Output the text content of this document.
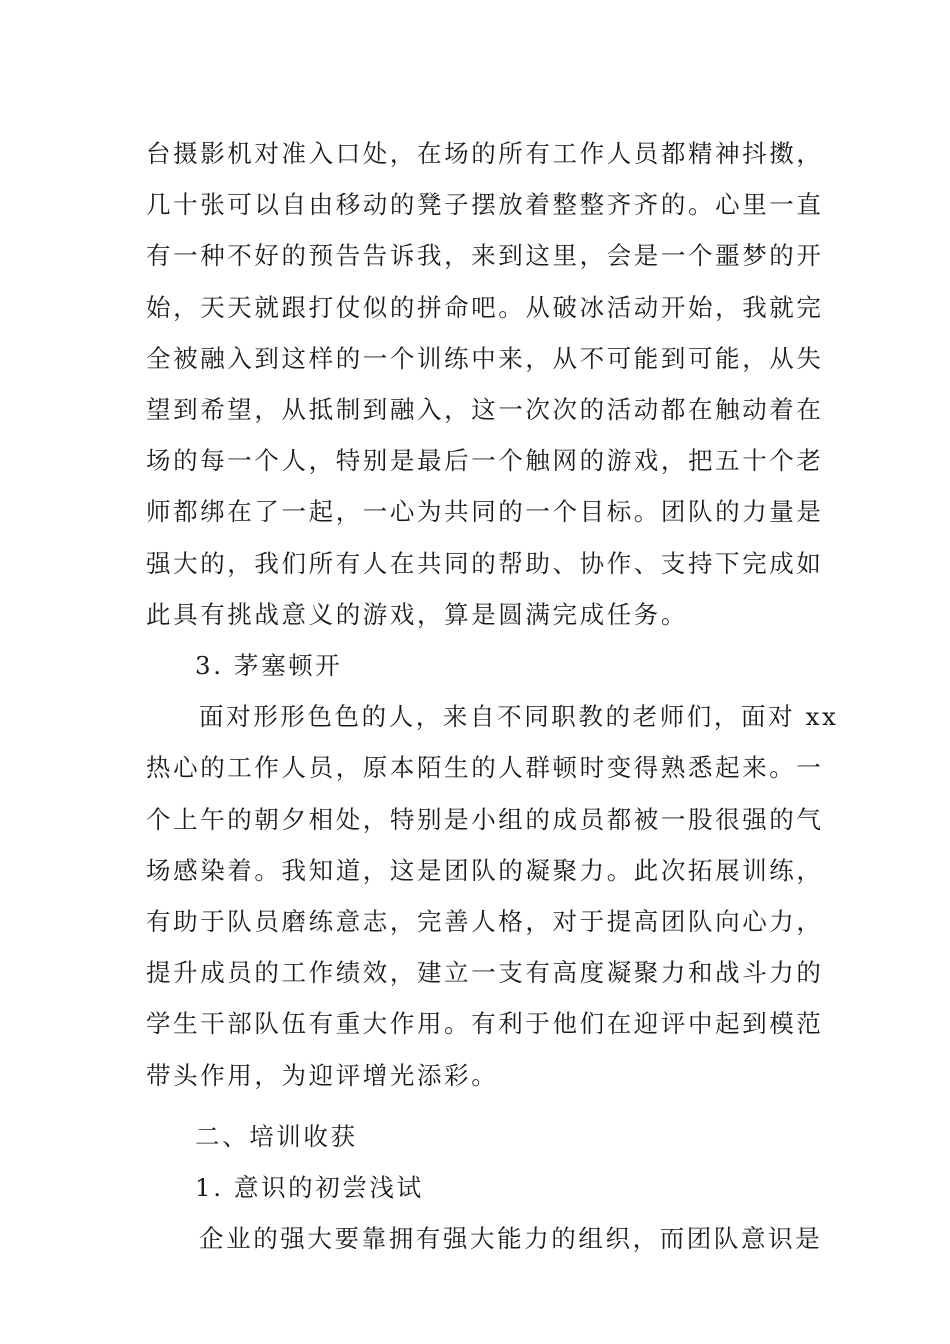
台摄影机对准入口处，在场的所有工作人员都精神抖擞，

几十张可以自由移动的凳子摆放着整整齐齐的。心里一直

有一种不好的预告告诉我，来到这里，会是一个噩梦的开

始，天天就跟打仗似的拼命吧。从破冰活动开始，我就完

全被融入到这样的一个训练中来，从不可能到可能，从失

望到希望，从抵制到融入，这一次次的活动都在触动着在

场的每一个人，特别是最后一个触网的游戏，把五十个老

师都绑在了一起，一心为共同的一个目标。团队的力量是

强大的，我们所有人在共同的帮助、协作、支持下完成如

此具有挑战意义的游戏，算是圆满完成任务。

3. 茅塞顿开

面对形形色色的人，来自不同职教的老师们，面对 xx

热心的工作人员，原本陌生的人群顿时变得熟悉起来。一

个上午的朝夕相处，特别是小组的成员都被一股很强的气

场感染着。我知道，这是团队的凝聚力。此次拓展训练，

有助于队员磨练意志，完善人格，对于提高团队向心力，

提升成员的工作绩效，建立一支有高度凝聚力和战斗力的

学生干部队伍有重大作用。有利于他们在迎评中起到模范

带头作用，为迎评增光添彩。

二、培训收获

1. 意识的初尝浅试

企业的强大要靠拥有强大能力的组织，而团队意识是
